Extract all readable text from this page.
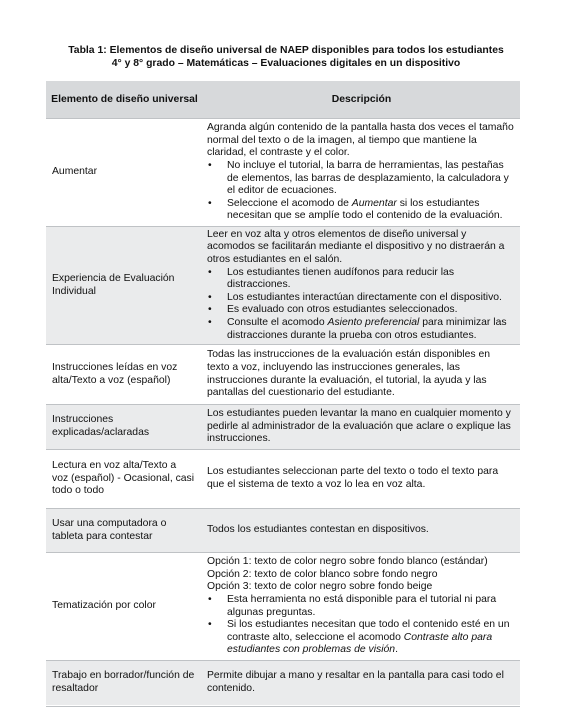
Tabla 1: Elementos de diseño universal de NAEP disponibles para todos los estudiantes
4° y 8° grado – Matemáticas – Evaluaciones digitales en un dispositivo
Elemento de diseño universal	Descripción
Aumentar
Agranda algún contenido de la pantalla hasta dos veces el tamaño normal del texto o de la imagen, al tiempo que mantiene la claridad, el contraste y el color.
• No incluye el tutorial, la barra de herramientas, las pestañas de elementos, las barras de desplazamiento, la calculadora y el editor de ecuaciones.
• Seleccione el acomodo de Aumentar si los estudiantes necesitan que se amplíe todo el contenido de la evaluación.
Experiencia de Evaluación Individual
Leer en voz alta y otros elementos de diseño universal y acomodos se facilitarán mediante el dispositivo y no distraerán a otros estudiantes en el salón.
• Los estudiantes tienen audífonos para reducir las distracciones.
• Los estudiantes interactúan directamente con el dispositivo.
• Es evaluado con otros estudiantes seleccionados.
• Consulte el acomodo Asiento preferencial para minimizar las distracciones durante la prueba con otros estudiantes.
Instrucciones leídas en voz alta/Texto a voz (español)
Todas las instrucciones de la evaluación están disponibles en texto a voz, incluyendo las instrucciones generales, las instrucciones durante la evaluación, el tutorial, la ayuda y las pantallas del cuestionario del estudiante.
Instrucciones explicadas/aclaradas
Los estudiantes pueden levantar la mano en cualquier momento y pedirle al administrador de la evaluación que aclare o explique las instrucciones.
Lectura en voz alta/Texto a voz (español) - Ocasional, casi todo o todo
Los estudiantes seleccionan parte del texto o todo el texto para que el sistema de texto a voz lo lea en voz alta.
Usar una computadora o tableta para contestar
Todos los estudiantes contestan en dispositivos.
Tematización por color
Opción 1: texto de color negro sobre fondo blanco (estándar)
Opción 2: texto de color blanco sobre fondo negro
Opción 3: texto de color negro sobre fondo beige
• Esta herramienta no está disponible para el tutorial ni para algunas preguntas.
• Si los estudiantes necesitan que todo el contenido esté en un contraste alto, seleccione el acomodo Contraste alto para estudiantes con problemas de visión.
Trabajo en borrador/función de resaltador
Permite dibujar a mano y resaltar en la pantalla para casi todo el contenido.
